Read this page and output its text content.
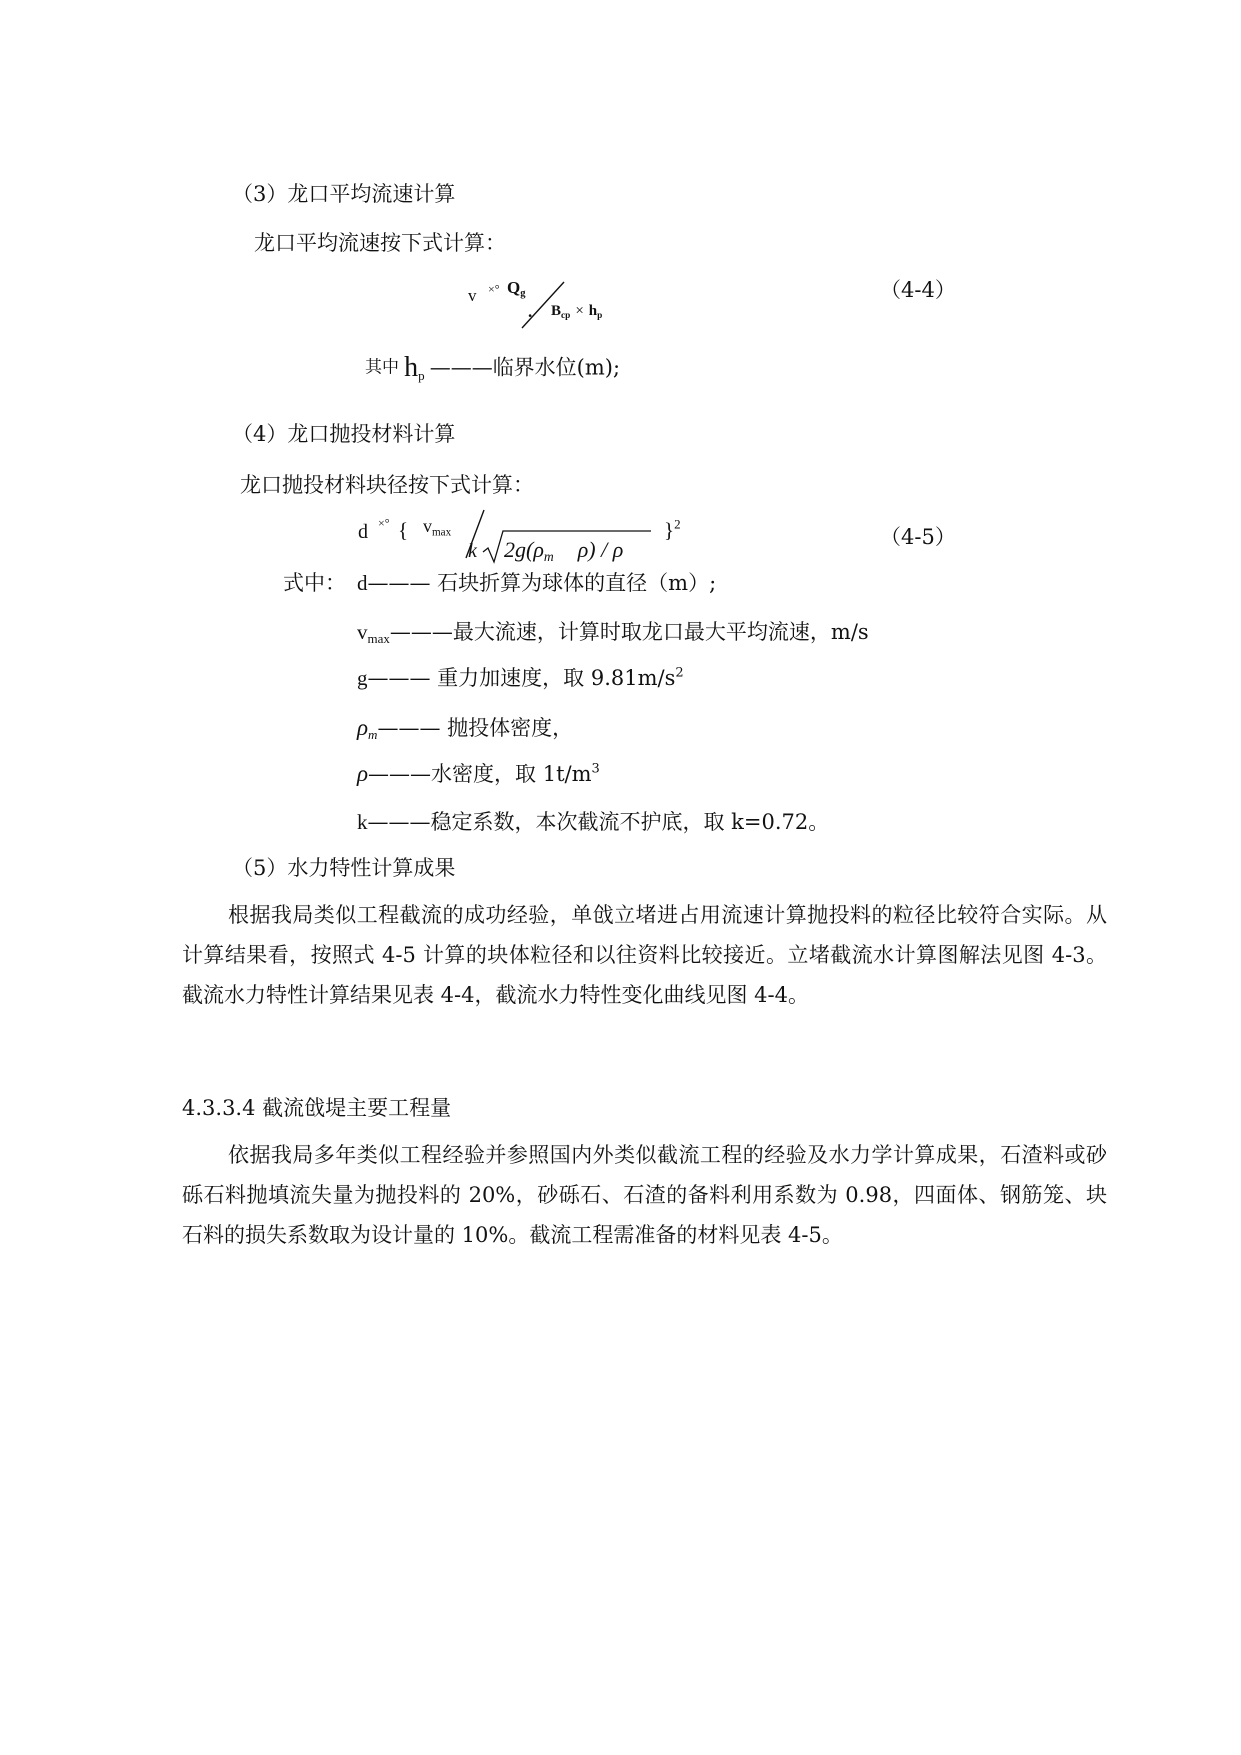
（3）龙口平均流速计算
龙口平均流速按下式计算：
v ×° $Q_g$
. $B_{cp} \times h_p$
（4-4）
其中 $h_p$ ———临界水位(m);
（4）龙口抛投材料计算
龙口抛投材料块径按下式计算：
d ×° { $v_{max}$
k $2g(\rho_m$ ρ) / ρ
}$^2$
（4-5）
式中： d——— 石块折算为球体的直径（m）;
$v_{max}———$最大流速，计算时取龙口最大平均流速，m/s
g——— 重力加速度，取 $9.81m/s^2$
$\rho_m———$ 抛投体密度，
ρ———水密度，取 $1t/m^3$
k———稳定系数，本次截流不护底，取 k=0.72。
（5）水力特性计算成果
根据我局类似工程截流的成功经验，单戗立堵进占用流速计算抛投料的粒径比较符合实际。从计算结果看，按照式 4-5 计算的块体粒径和以往资料比较接近。立堵截流水计算图解法见图 4-3。截流水力特性计算结果见表 4-4，截流水力特性变化曲线见图 4-4。
4.3.3.4 截流戗堤主要工程量
依据我局多年类似工程经验并参照国内外类似截流工程的经验及水力学计算成果，石渣料或砂砾石料抛填流失量为抛投料的 20%，砂砾石、石渣的备料利用系数为 0.98，四面体、钢筋笼、块石料的损失系数取为设计量的 10%。截流工程需准备的材料见表 4-5。
